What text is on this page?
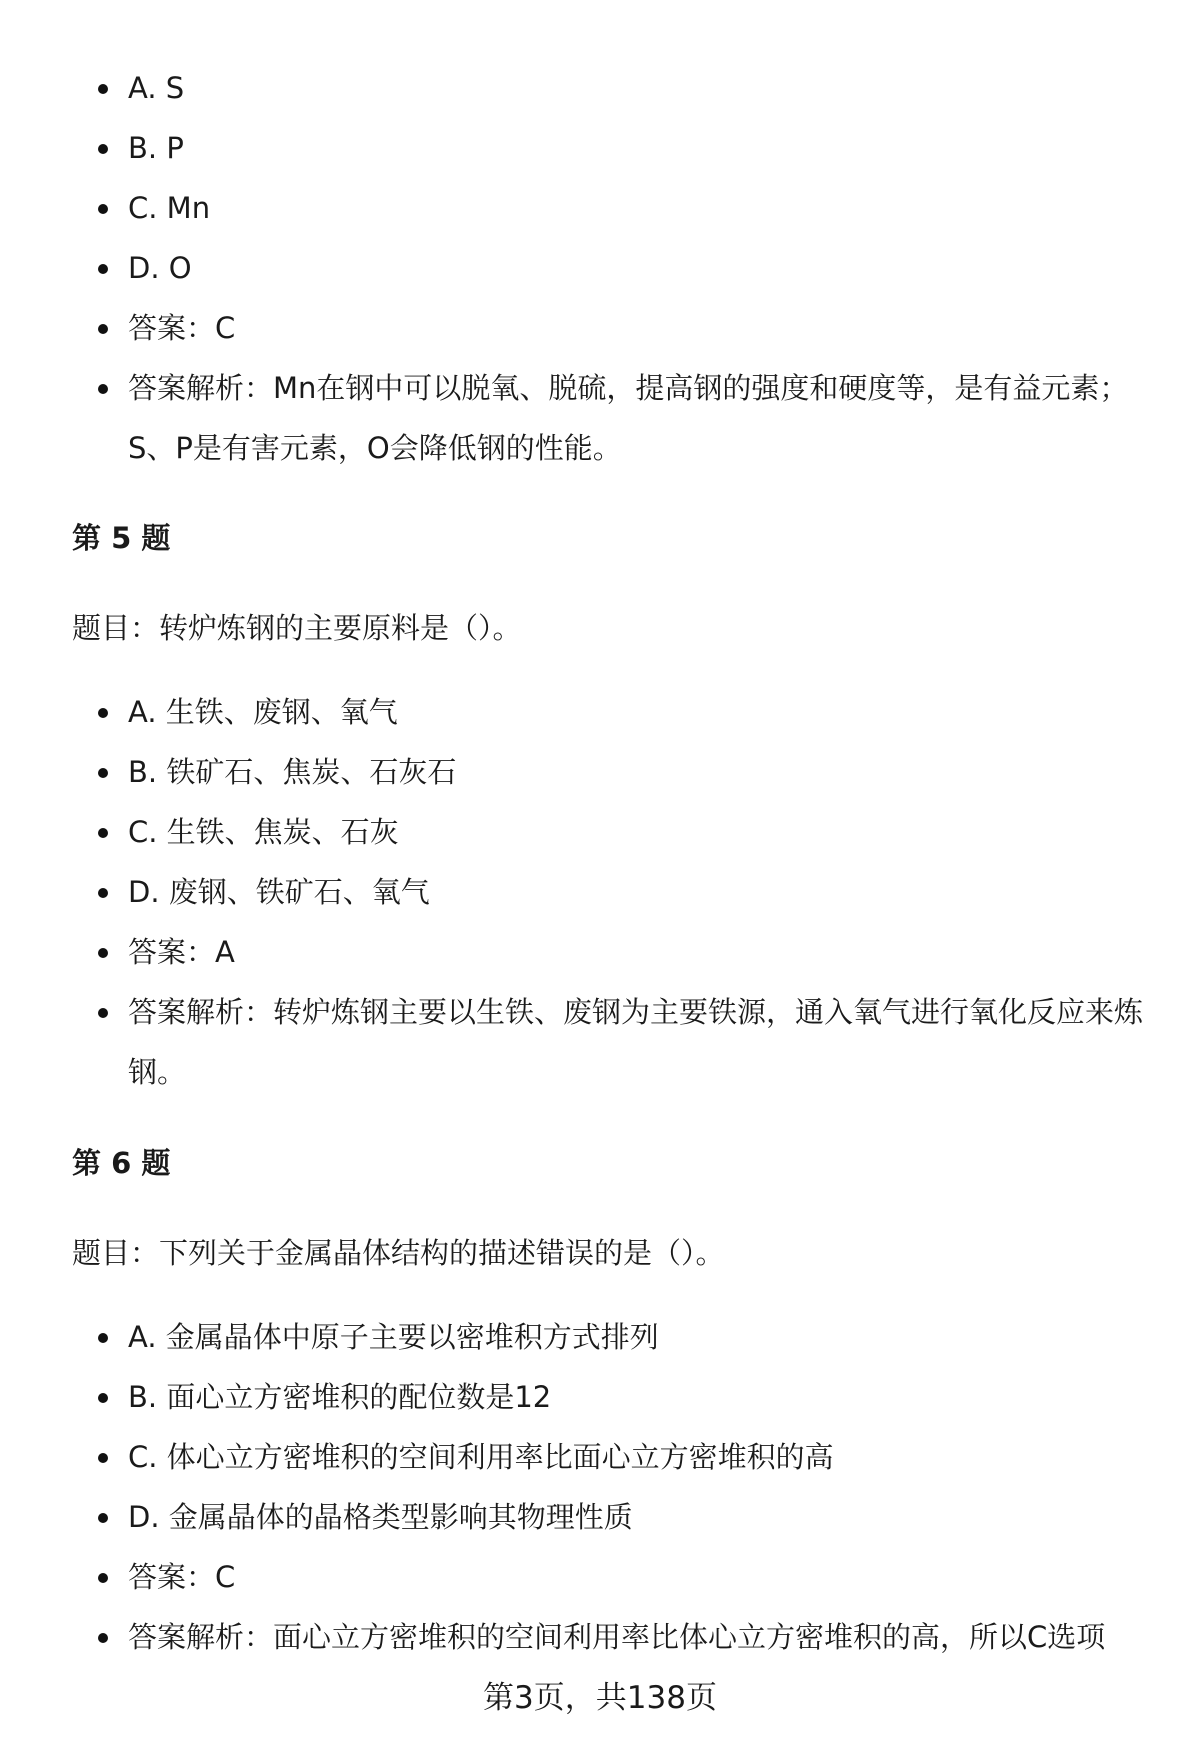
A. S
B. P
C. Mn
D. O
答案：C
答案解析：Mn在钢中可以脱氧、脱硫，提高钢的强度和硬度等，是有益元素；S、P是有害元素，O会降低钢的性能。
第 5 题

题目：转炉炼钢的主要原料是（）。

A. 生铁、废钢、氧气
B. 铁矿石、焦炭、石灰石
C. 生铁、焦炭、石灰
D. 废钢、铁矿石、氧气
答案：A
答案解析：转炉炼钢主要以生铁、废钢为主要铁源，通入氧气进行氧化反应来炼钢。
第 6 题

题目：下列关于金属晶体结构的描述错误的是（）。

A. 金属晶体中原子主要以密堆积方式排列
B. 面心立方密堆积的配位数是12
C. 体心立方密堆积的空间利用率比面心立方密堆积的高
D. 金属晶体的晶格类型影响其物理性质
答案：C
答案解析：面心立方密堆积的空间利用率比体心立方密堆积的高，所以C选项
第3页，共138页
